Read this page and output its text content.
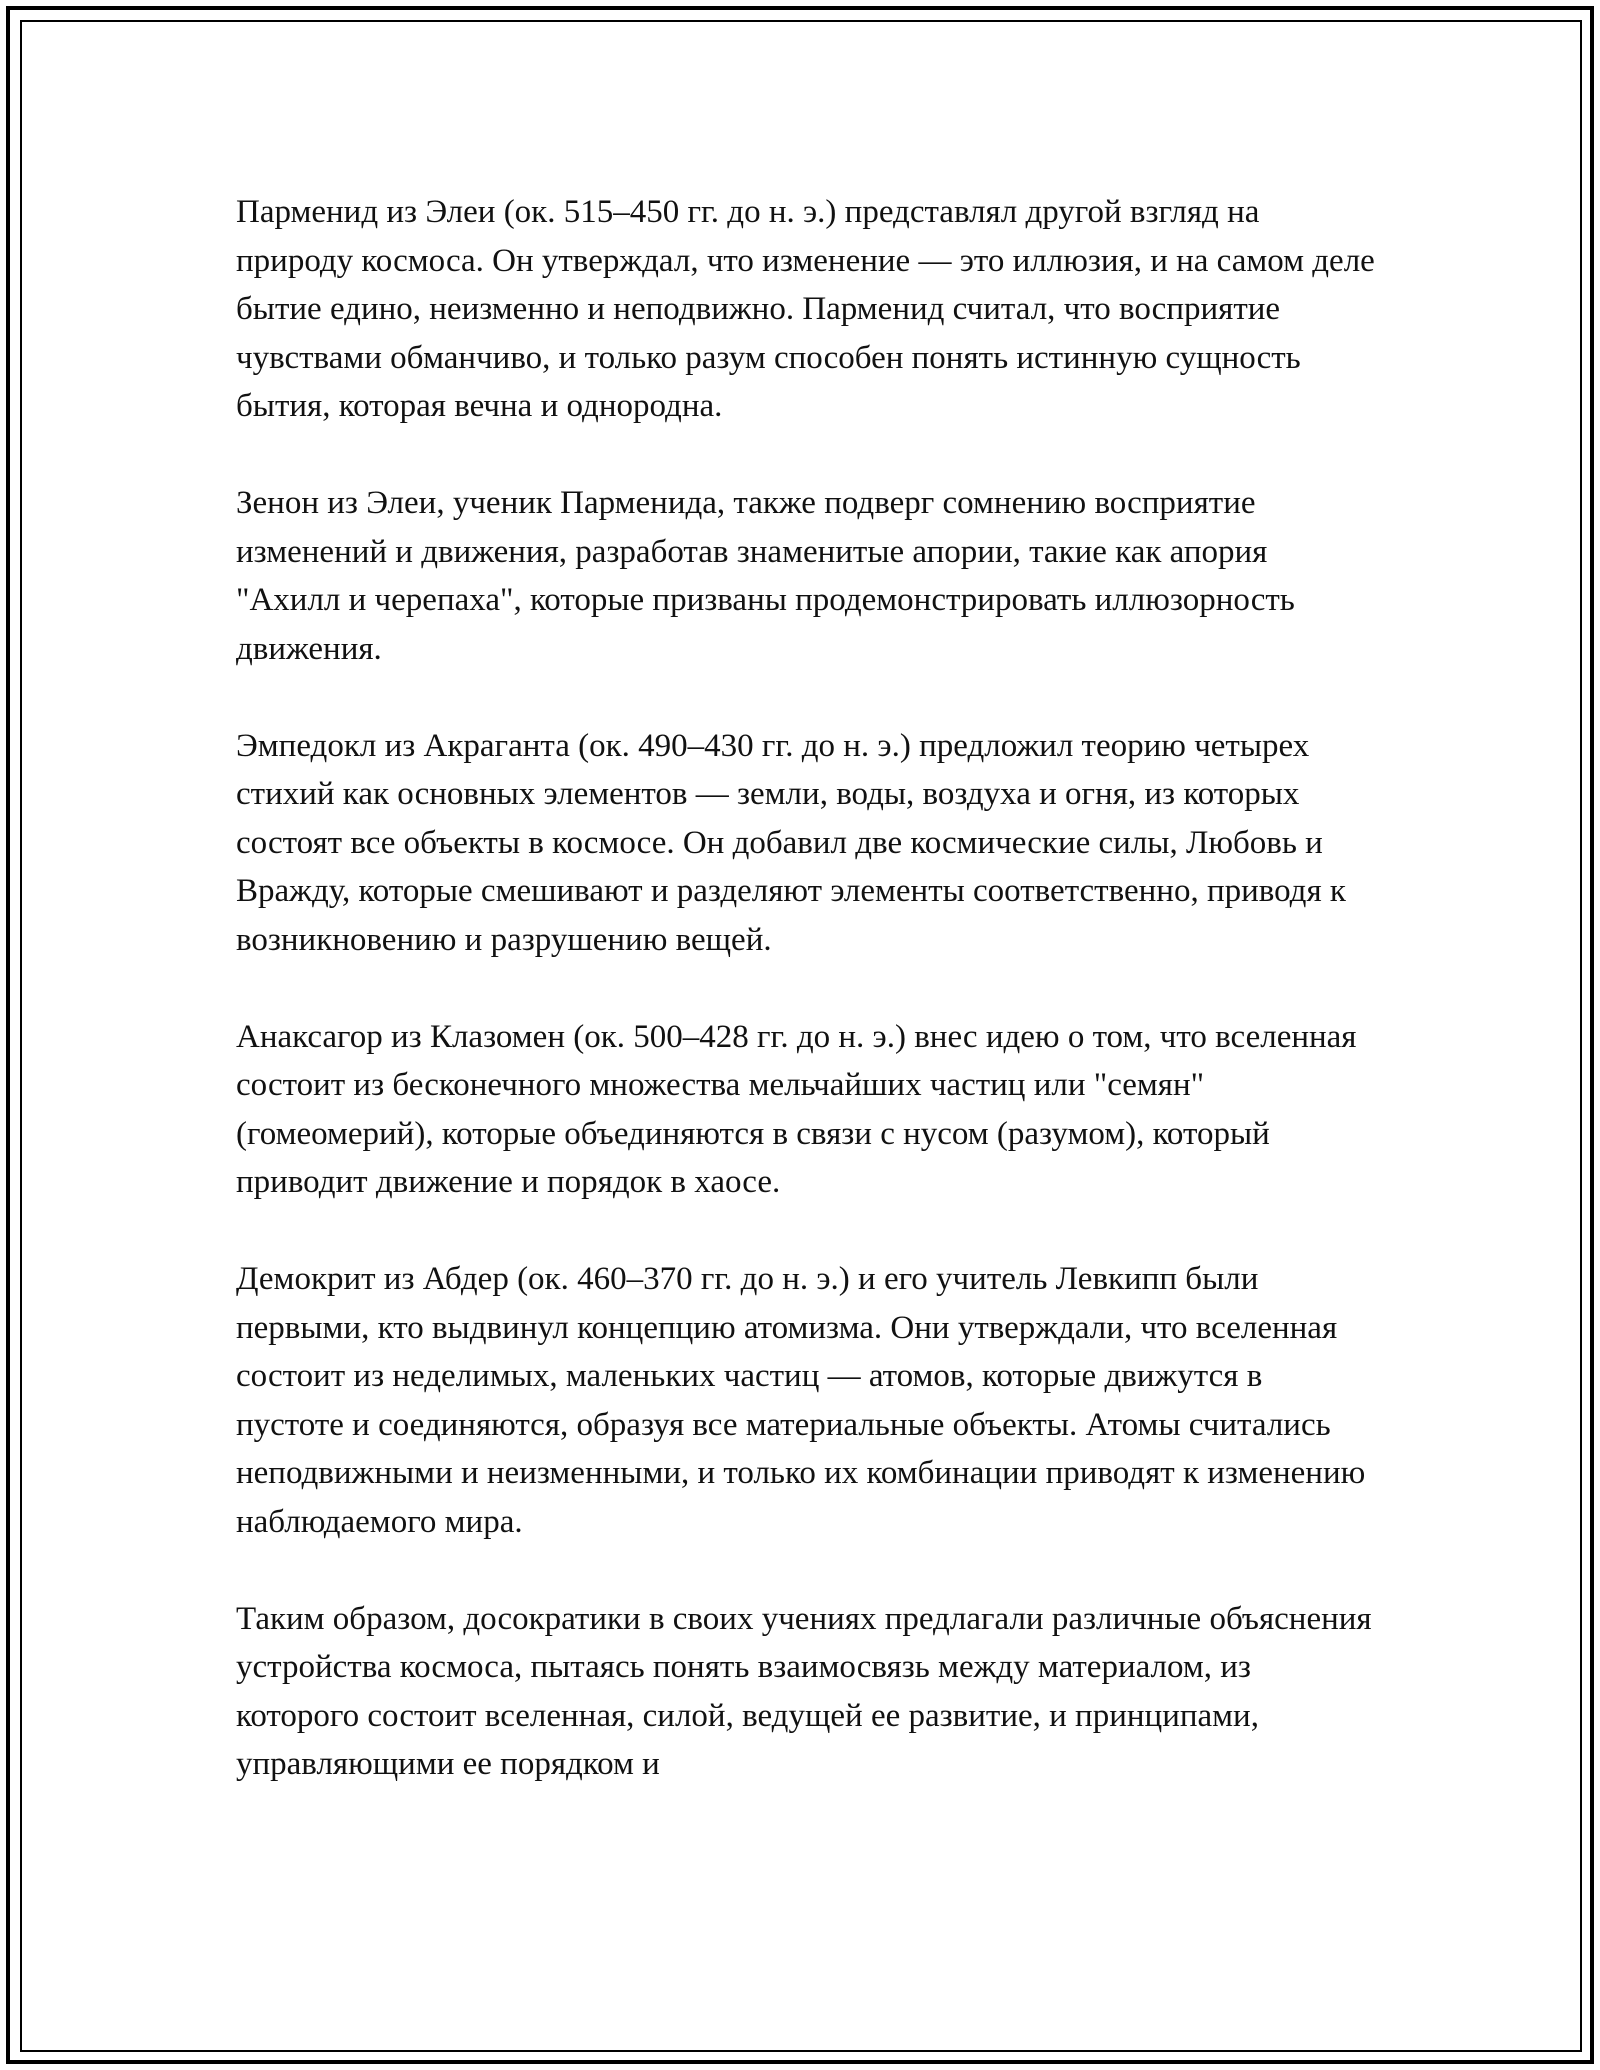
Парменид из Элеи (ок. 515–450 гг. до н. э.) представлял другой взгляд на природу космоса. Он утверждал, что изменение — это иллюзия, и на самом деле бытие едино, неизменно и неподвижно. Парменид считал, что восприятие чувствами обманчиво, и только разум способен понять истинную сущность бытия, которая вечна и однородна.

Зенон из Элеи, ученик Парменида, также подверг сомнению восприятие изменений и движения, разработав знаменитые апории, такие как апория "Ахилл и черепаха", которые призваны продемонстрировать иллюзорность движения.

Эмпедокл из Акраганта (ок. 490–430 гг. до н. э.) предложил теорию четырех стихий как основных элементов — земли, воды, воздуха и огня, из которых состоят все объекты в космосе. Он добавил две космические силы, Любовь и Вражду, которые смешивают и разделяют элементы соответственно, приводя к возникновению и разрушению вещей.

Анаксагор из Клазомен (ок. 500–428 гг. до н. э.) внес идею о том, что вселенная состоит из бесконечного множества мельчайших частиц или "семян" (гомеомерий), которые объединяются в связи с нусом (разумом), который приводит движение и порядок в хаосе.

Демокрит из Абдер (ок. 460–370 гг. до н. э.) и его учитель Левкипп были первыми, кто выдвинул концепцию атомизма. Они утверждали, что вселенная состоит из неделимых, маленьких частиц — атомов, которые движутся в пустоте и соединяются, образуя все материальные объекты. Атомы считались неподвижными и неизменными, и только их комбинации приводят к изменению наблюдаемого мира.

Таким образом, досократики в своих учениях предлагали различные объяснения устройства космоса, пытаясь понять взаимосвязь между материалом, из которого состоит вселенная, силой, ведущей ее развитие, и принципами, управляющими ее порядком и
